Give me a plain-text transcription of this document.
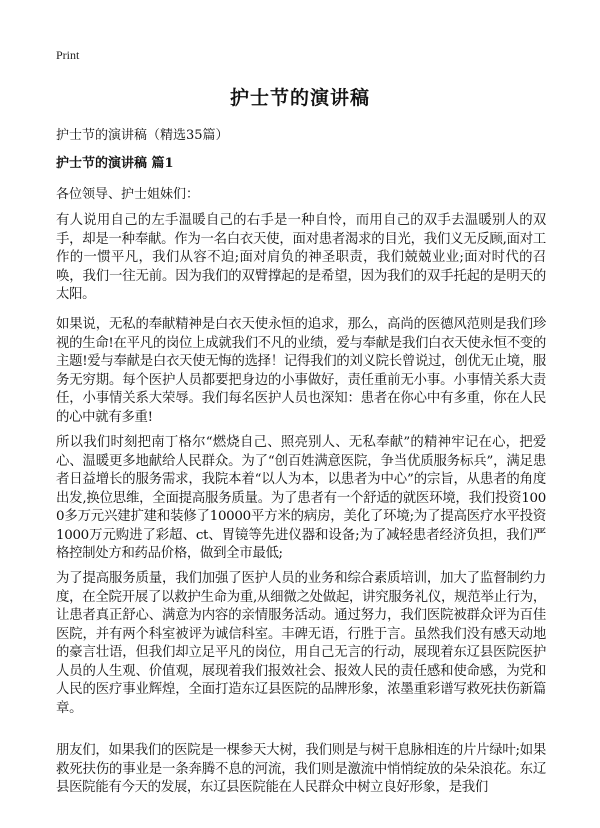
Print
护士节的演讲稿

护士节的演讲稿（精选35篇）

护士节的演讲稿 篇1

各位领导、护士姐妹们：

有人说用自己的左手温暖自己的右手是一种自怜，而用自己的双手去温暖别人的双手，却是一种奉献。作为一名白衣天使，面对患者渴求的目光，我们义无反顾,面对工作的一惯平凡，我们从容不迫;面对肩负的神圣职责，我们兢兢业业;面对时代的召唤，我们一往无前。因为我们的双臂撑起的是希望，因为我们的双手托起的是明天的太阳。

如果说，无私的奉献精神是白衣天使永恒的追求，那么，高尚的医德风范则是我们珍视的生命!在平凡的岗位上成就我们不凡的业绩，爱与奉献是我们白衣天使永恒不变的主题!爱与奉献是白衣天使无悔的选择！记得我们的刘义院长曾说过，创优无止境，服务无穷期。每个医护人员都要把身边的小事做好，责任重前无小事。小事情关系大责任，小事情关系大荣辱。我们每名医护人员也深知：患者在你心中有多重，你在人民的心中就有多重!

所以我们时刻把南丁格尔“燃烧自己、照亮别人、无私奉献”的精神牢记在心，把爱心、温暖更多地献给人民群众。为了“创百姓满意医院，争当优质服务标兵”，满足患者日益增长的服务需求，我院本着“以人为本，以患者为中心”的宗旨，从患者的角度出发,换位思维，全面提高服务质量。为了患者有一个舒适的就医环境，我们投资1000多万元兴建扩建和装修了10000平方米的病房，美化了环境;为了提高医疗水平投资1000万元购进了彩超、ct、胃镜等先进仪器和设备;为了减轻患者经济负担，我们严格控制处方和药品价格，做到全市最低;

为了提高服务质量，我们加强了医护人员的业务和综合素质培训，加大了监督制约力度，在全院开展了以救护生命为重,从细微之处做起，讲究服务礼仪，规范举止行为，让患者真正舒心、满意为内容的亲情服务活动。通过努力，我们医院被群众评为百佳医院，并有两个科室被评为诚信科室。丰碑无语，行胜于言。虽然我们没有感天动地的豪言壮语，但我们却立足平凡的岗位，用自己无言的行动，展现着东辽县医院医护人员的人生观、价值观，展现着我们报效社会、报效人民的责任感和使命感，为党和人民的医疗事业辉煌，全面打造东辽县医院的品牌形象，浓墨重彩谱写救死扶伤新篇章。

朋友们，如果我们的医院是一棵参天大树，我们则是与树干息脉相连的片片绿叶;如果救死扶伤的事业是一条奔腾不息的河流，我们则是激流中悄悄绽放的朵朵浪花。东辽县医院能有今天的发展，东辽县医院能在人民群众中树立良好形象，是我们
